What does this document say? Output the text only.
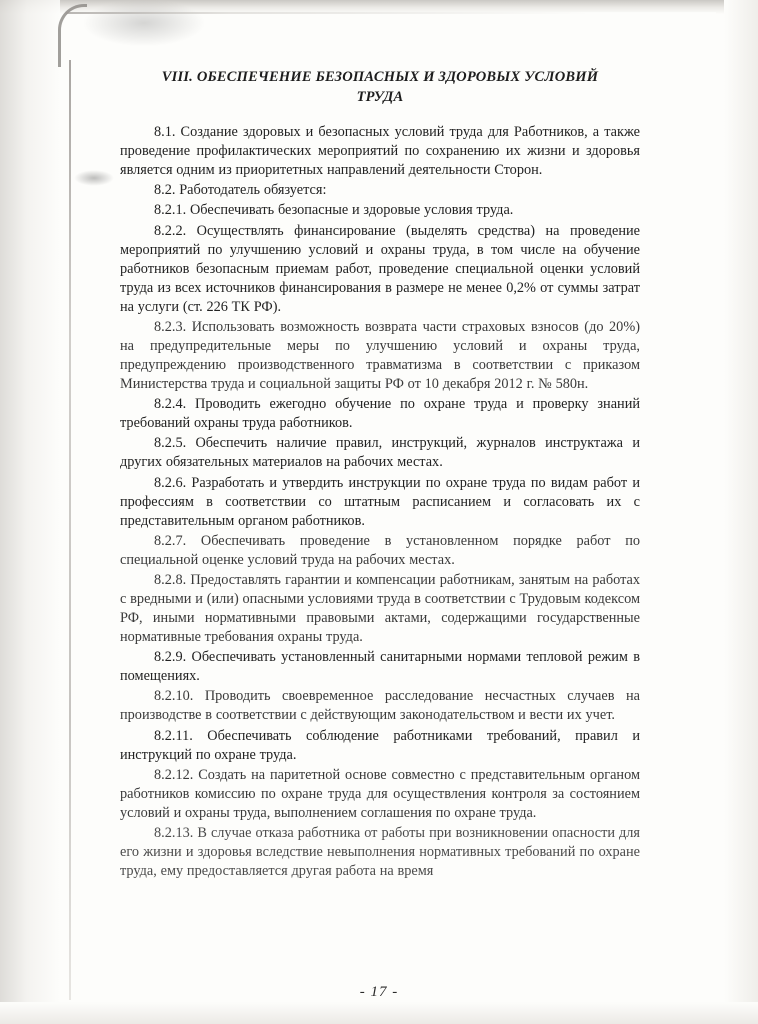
VIII. ОБЕСПЕЧЕНИЕ БЕЗОПАСНЫХ И ЗДОРОВЫХ УСЛОВИЙ
ТРУДА

8.1. Создание здоровых и безопасных условий труда для Работников, а также проведение профилактических мероприятий по сохранению их жизни и здоровья является одним из приоритетных направлений деятельности Сторон.

8.2. Работодатель обязуется:

8.2.1. Обеспечивать безопасные и здоровые условия труда.

8.2.2. Осуществлять финансирование (выделять средства) на проведение мероприятий по улучшению условий и охраны труда, в том числе на обучение работников безопасным приемам работ, проведение специальной оценки условий труда из всех источников финансирования в размере не менее 0,2% от суммы затрат на услуги (ст. 226 ТК РФ).

8.2.3. Использовать возможность возврата части страховых взносов (до 20%) на предупредительные меры по улучшению условий и охраны труда, предупреждению производственного травматизма в соответствии с приказом Министерства труда и социальной защиты РФ от 10 декабря 2012 г. № 580н.

8.2.4. Проводить ежегодно обучение по охране труда и проверку знаний требований охраны труда работников.

8.2.5. Обеспечить наличие правил, инструкций, журналов инструктажа и других обязательных материалов на рабочих местах.

8.2.6. Разработать и утвердить инструкции по охране труда по видам работ и профессиям в соответствии со штатным расписанием и согласовать их с представительным органом работников.

8.2.7. Обеспечивать проведение в установленном порядке работ по специальной оценке условий труда на рабочих местах.

8.2.8. Предоставлять гарантии и компенсации работникам, занятым на работах с вредными и (или) опасными условиями труда в соответствии с Трудовым кодексом РФ, иными нормативными правовыми актами, содержащими государственные нормативные требования охраны труда.

8.2.9. Обеспечивать установленный санитарными нормами тепловой режим в помещениях.

8.2.10. Проводить своевременное расследование несчастных случаев на производстве в соответствии с действующим законодательством и вести их учет.

8.2.11. Обеспечивать соблюдение работниками требований, правил и инструкций по охране труда.

8.2.12. Создать на паритетной основе совместно с представительным органом работников комиссию по охране труда для осуществления контроля за состоянием условий и охраны труда, выполнением соглашения по охране труда.

8.2.13. В случае отказа работника от работы при возникновении опасности для его жизни и здоровья вследствие невыполнения нормативных требований по охране труда, ему предоставляется другая работа на время

- 17 -
